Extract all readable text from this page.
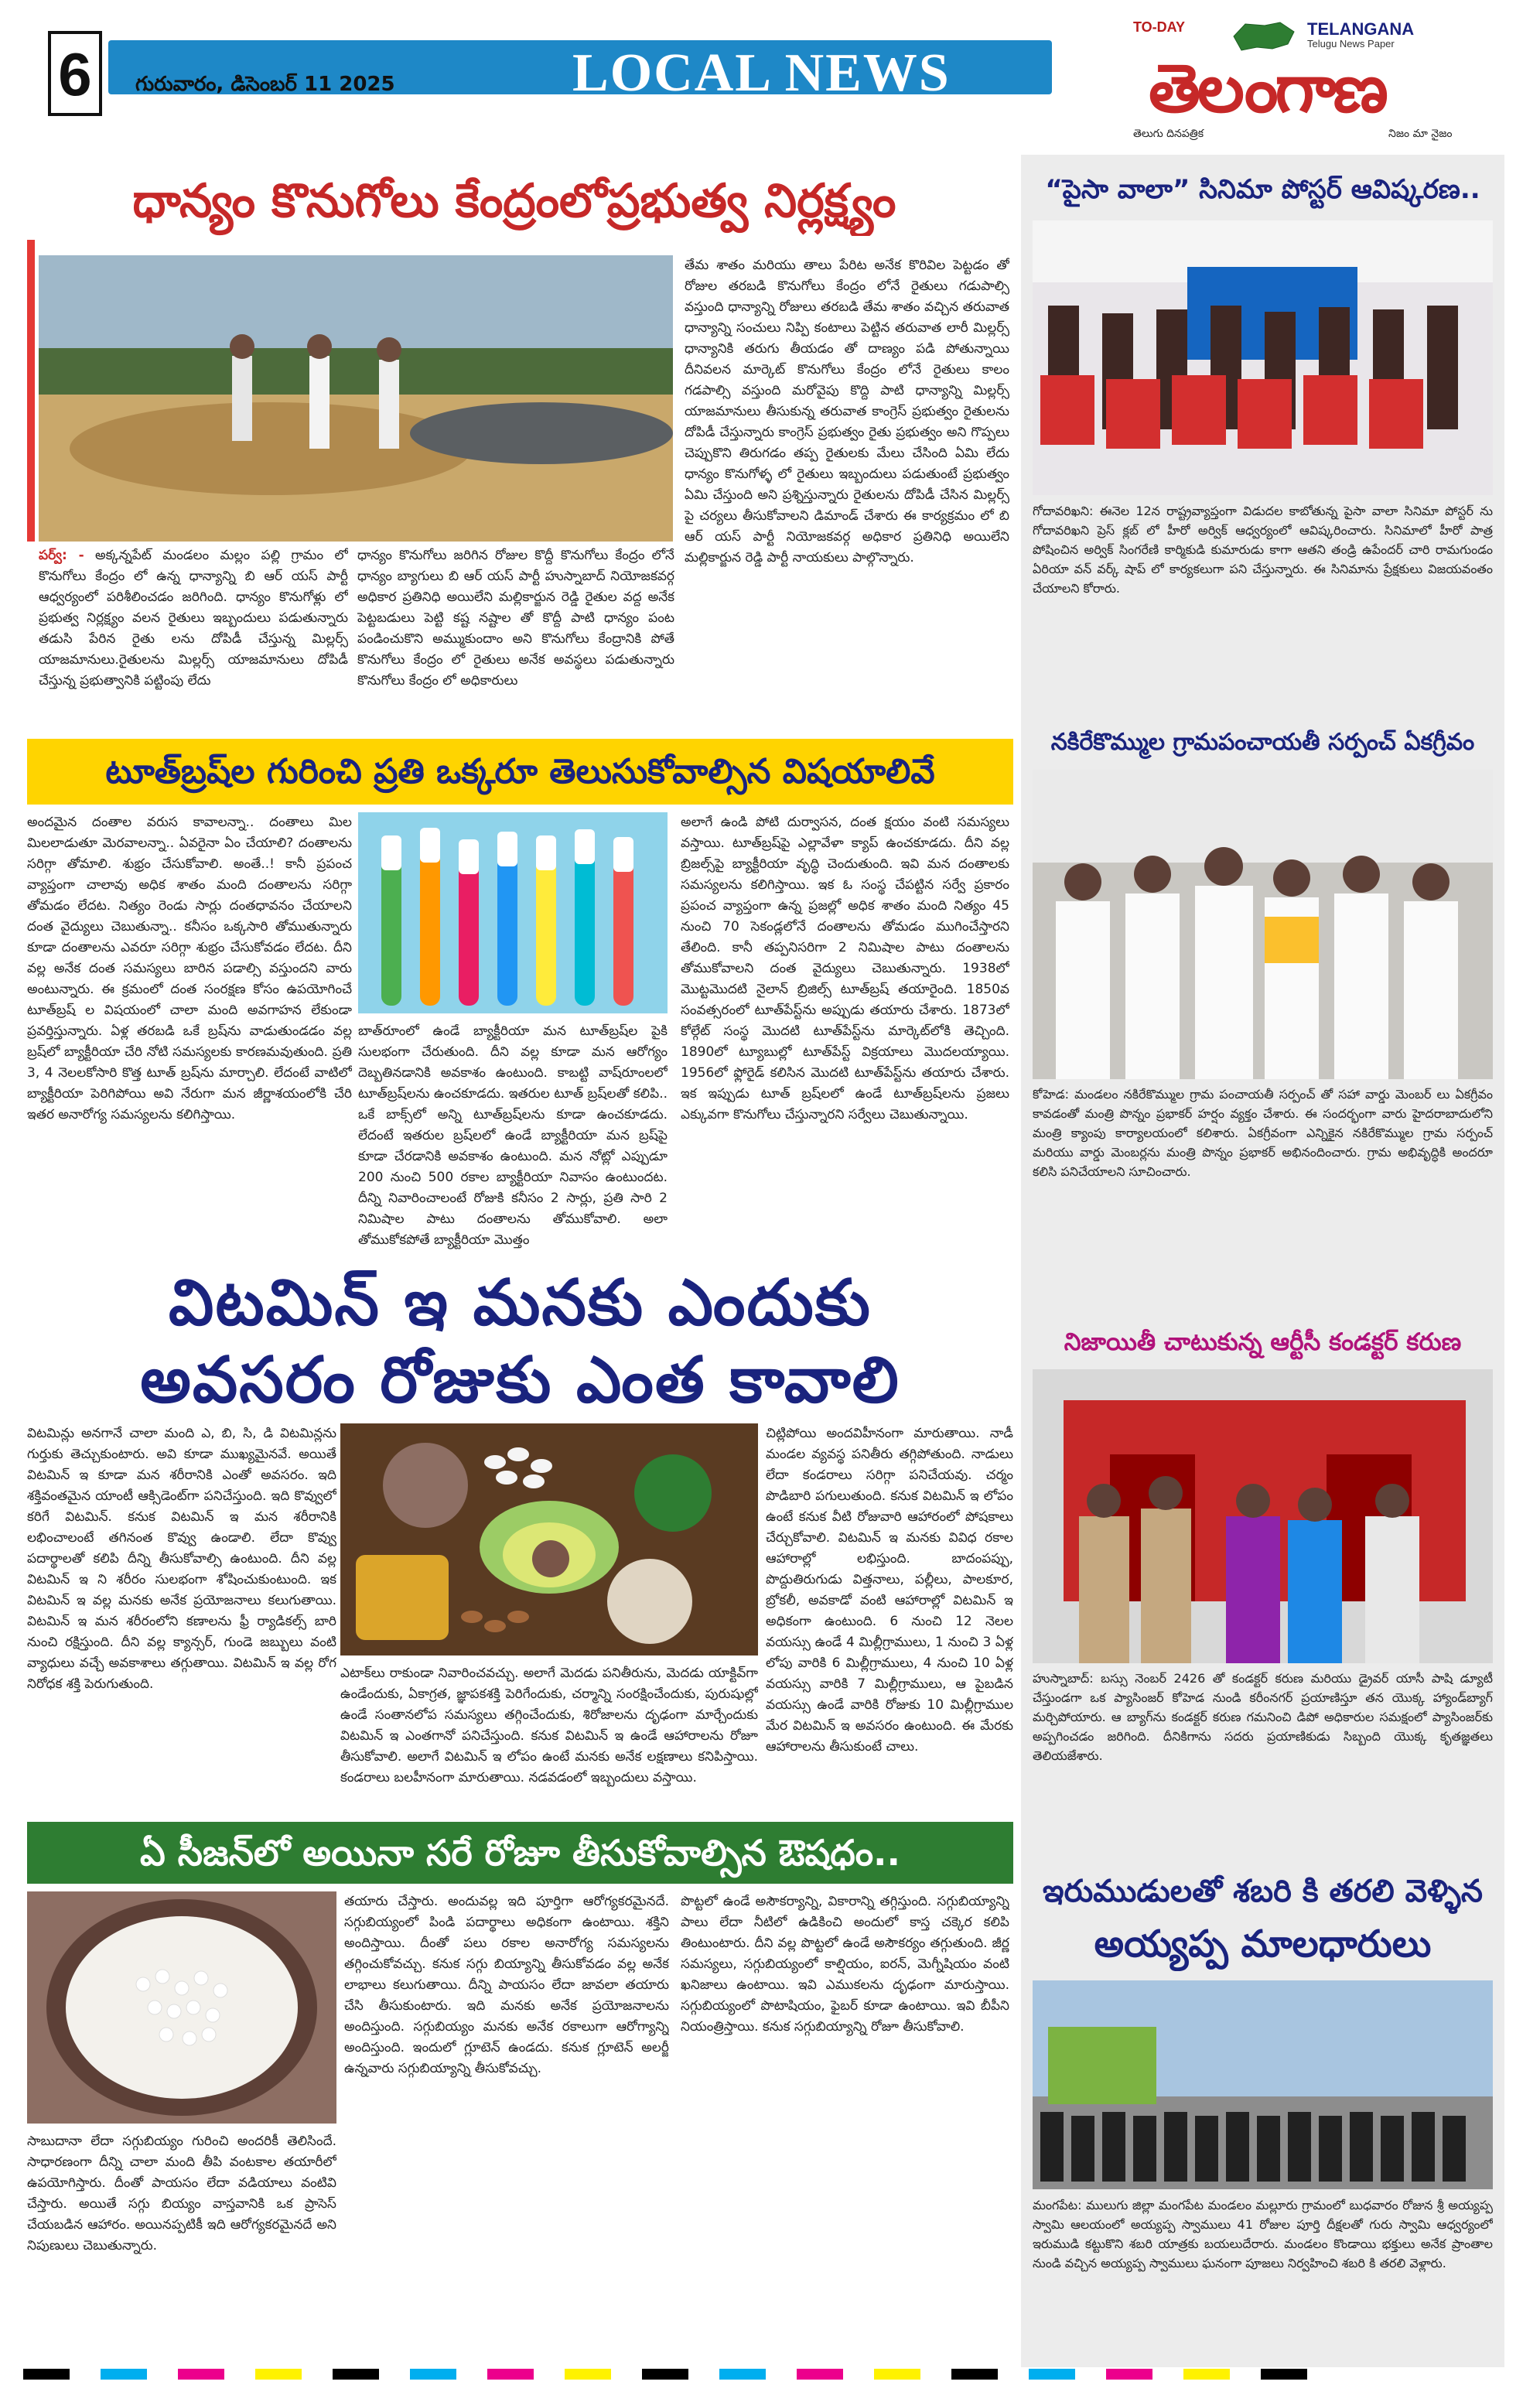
6	గురువారం, డిసెంబర్ 11 2025	LOCAL NEWS
TO-DAY	TELANGANA
Telugu News Paper
తెలంగాణ
తెలుగు దినపత్రిక	నిజం మా నైజం
ధాన్యం కొనుగోలు కేంద్రంలోప్రభుత్వ నిర్లక్ష్యం
పర్వ్: - అక్కన్నపేట్ మండలం మల్లం పల్లి గ్రామం లో కొనుగోలు కేంద్రం లో ఉన్న ధాన్యాన్ని బి ఆర్ యస్ పార్టీ ఆధ్వర్యంలో పరిశీలించడం జరిగింది. ధాన్యం కొనుగోళ్లు లో ప్రభుత్వ నిర్లక్ష్యం వలన రైతులు ఇబ్బందులు పడుతున్నారు తడుసి పేరిన రైతు లను దోపిడీ చేస్తున్న మిల్లర్స్ యాజమానులు.రైతులను మిల్లర్స్ యాజమానులు దోపిడీ చేస్తున్న ప్రభుత్వానికి పట్టింపు లేదు
ధాన్యం కొనుగోలు జరిగిన రోజుల కొద్దీ కొనుగోలు కేంద్రం లోనే ధాన్యం బ్యాగులు బి ఆర్ యస్ పార్టీ హుస్నాబాద్ నియోజకవర్గ అధికార ప్రతినిధి అయిలేని మల్లికార్జున రెడ్డి రైతుల వద్ద అనేక పెట్టబడులు పెట్టి కష్ట నష్టాల తో కొద్దీ పాటి ధాన్యం పంట పండించుకొని అమ్ముకుందాం అని కొనుగోలు కేంద్రానికి పోతే కొనుగోలు కేంద్రం లో రైతులు అనేక అవస్థలు పడుతున్నారు కొనుగోలు కేంద్రం లో అధికారులు
తేమ శాతం మరియు తాలు పేరిట అనేక కొరివిల పెట్టడం తో రోజుల తరబడి కొనుగోలు కేంద్రం లోనే రైతులు గడుపాల్సి వస్తుంది ధాన్యాన్ని రోజులు తరబడి తేమ శాతం వచ్చిన తరువాత ధాన్యాన్ని సంచులు నిప్పి కంటాలు పెట్టిన తరువాత లారీ మిల్లర్స్ ధాన్యానికి తరుగు తీయడం తో దాణ్యం పడి పోతున్నాయి దీనివలన మార్కెట్ కొనుగోలు కేంద్రం లోనే రైతులు కాలం గడపాల్సి వస్తుంది మరోవైపు కొద్ది పాటి ధాన్యాన్ని మిల్లర్స్ యాజమానులు తీసుకున్న తరువాత కాంగ్రెస్ ప్రభుత్వం రైతులను దోపిడీ చేస్తున్నారు కాంగ్రెస్ ప్రభుత్వం రైతు ప్రభుత్వం అని గొప్పలు చెప్పుకొని తిరుగడం తప్ప రైతులకు మేలు చేసింది ఏమి లేదు ధాన్యం కొనుగోళ్ళ లో రైతులు ఇబ్బందులు పడుతుంటే ప్రభుత్వం ఏమి చేస్తుంది అని ప్రశ్నిస్తున్నారు రైతులను దోపిడీ చేసిన మిల్లర్స్ పై చర్యలు తీసుకోవాలని డిమాండ్ చేశారు ఈ కార్యక్రమం లో బి ఆర్ యస్ పార్టీ నియోజకవర్గ అధికార ప్రతినిధి అయిలేని మల్లికార్జున రెడ్డి పార్టీ నాయకులు పాల్గొన్నారు.
టూత్‌బ్రష్‌ల గురించి ప్రతి ఒక్కరూ తెలుసుకోవాల్సిన విషయాలివే
అందమైన దంతాల వరుస కావాలన్నా.. దంతాలు మిల మిలలాడుతూ మెరవాలన్నా.. ఏవరైనా ఏం చేయాలి? దంతాలను సరిగ్గా తోమాలి. శుభ్రం చేసుకోవాలి. అంతే..! కానీ ప్రపంచ వ్యాప్తంగా చాలావు అధిక శాతం మంది దంతాలను సరిగ్గా తోమడం లేదట. నిత్యం రెండు సార్లు దంతధావనం చేయాలని దంత వైద్యులు చెబుతున్నా.. కనీసం ఒక్కసారి తోముతున్నారు కూడా దంతాలను ఎవరూ సరిగ్గా శుభ్రం చేసుకోవడం లేదట. దీని వల్ల అనేక దంత సమస్యలు బారిన పడాల్సి వస్తుందని వారు అంటున్నారు. ఈ క్రమంలో దంత సంరక్షణ కోసం ఉపయోగించే టూత్‌బ్రష్ ల విషయంలో చాలా మంది అవగాహన లేకుండా ప్రవర్తిస్తున్నారు. ఏళ్ల తరబడి ఒకే బ్రష్‌ను వాడుతుండడం వల్ల బ్రష్‌లో బ్యాక్టీరియా చేరి నోటి సమస్యలకు కారణమవుతుంది. ప్రతి 3, 4 నెలలకోసారి కొత్త టూత్ బ్రష్‌ను మార్చాలి. లేదంటే వాటిలో బ్యాక్టీరియా పెరిగిపోయి అవి నేరుగా మన జీర్ణాశయంలోకి చేరి ఇతర అనారోగ్య సమస్యలను కలిగిస్తాయి.
బాత్‌రూంలో ఉండే బ్యాక్టీరియా మన టూత్‌బ్రష్‌ల పైకి సులభంగా చేరుతుంది. దీని వల్ల కూడా మన ఆరోగ్యం దెబ్బతినడానికి అవకాశం ఉంటుంది. కాబట్టి వాష్‌రూంలలో టూత్‌బ్రష్‌లను ఉంచకూడదు. ఇతరుల టూత్ బ్రష్‌లతో కలిపి.. ఒకే బాక్స్‌లో అన్ని టూత్‌బ్రష్‌లను కూడా ఉంచకూడదు. లేదంటే ఇతరుల బ్రష్‌లలో ఉండే బ్యాక్టీరియా మన బ్రష్‌పై కూడా చేరడానికి అవకాశం ఉంటుంది. మన నోట్లో ఎప్పుడూ 200 నుంచి 500 రకాల బ్యాక్టీరియా నివాసం ఉంటుందట. దీన్ని నివారించాలంటే రోజుకి కనీసం 2 సార్లు, ప్రతి సారి 2 నిమిషాల పాటు దంతాలను తోముకోవాలి. అలా తోముకోకపోతే బ్యాక్టీరియా మొత్తం
అలాగే ఉండి పోటి దుర్వాసన, దంత క్షయం వంటి సమస్యలు వస్తాయి. టూత్‌బ్రష్‌పై ఎల్లావేళా క్యాప్ ఉంచకూడదు. దీని వల్ల బ్రిజల్స్‌పై బ్యాక్టీరియా వృద్ధి చెందుతుంది. ఇవి మన దంతాలకు సమస్యలను కలిగిస్తాయి. ఇక ఓ సంస్థ చేపట్టిన సర్వే ప్రకారం ప్రపంచ వ్యాప్తంగా ఉన్న ప్రజల్లో అధిక శాతం మంది నిత్యం 45 నుంచి 70 సెకండ్లలోనే దంతాలను తోమడం ముగించేస్తారని తేలింది. కానీ తప్పనిసరిగా 2 నిమిషాల పాటు దంతాలను తోముకోవాలని దంత వైద్యులు చెబుతున్నారు. 1938లో మొట్టమొదటి నైలాన్ బ్రిజిల్స్ టూత్‌బ్రష్ తయారైంది. 1850వ సంవత్సరంలో టూత్‌పేస్ట్‌ను అప్పుడు తయారు చేశారు. 1873లో కోల్గేట్ సంస్థ మొదటి టూత్‌పేస్ట్‌ను మార్కెట్‌లోకి తెచ్చింది. 1890లో ట్యూబుల్లో టూత్‌పేస్ట్ విక్రయాలు మొదలయ్యాయి. 1956లో ఫ్లోరైడ్ కలిసిన మొదటి టూత్‌పేస్ట్‌ను తయారు చేశారు. ఇక ఇప్పుడు టూత్ బ్రష్‌లలో ఉండే టూత్‌బ్రష్‌లను ప్రజలు ఎక్కువగా కొనుగోలు చేస్తున్నారని సర్వేలు చెబుతున్నాయి.
విటమిన్ ఇ మనకు ఎందుకు
అవసరం రోజుకు ఎంత కావాలి
విటమిన్లు అనగానే చాలా మంది ఎ, బి, సి, డి విటమిన్లను గుర్తుకు తెచ్చుకుంటారు. అవి కూడా ముఖ్యమైనవే. అయితే విటమిన్ ఇ కూడా మన శరీరానికి ఎంతో అవసరం. ఇది శక్తివంతమైన యాంటీ ఆక్సిడెంట్‌గా పనిచేస్తుంది. ఇది కొవ్వులో కరిగే విటమిన్. కనుక విటమిన్ ఇ మన శరీరానికి లభించాలంటే తగినంత కొవ్వు ఉండాలి. లేదా కొవ్వు పదార్థాలతో కలిపి దీన్ని తీసుకోవాల్సి ఉంటుంది. దీని వల్ల విటమిన్ ఇ ని శరీరం సులభంగా శోషించుకుంటుంది. ఇక విటమిన్ ఇ వల్ల మనకు అనేక ప్రయోజనాలు కలుగుతాయి. విటమిన్ ఇ మన శరీరంలోని కణాలను ఫ్రీ ర్యాడికల్స్ బారి నుంచి రక్షిస్తుంది. దీని వల్ల క్యాన్సర్, గుండె జబ్బులు వంటి వ్యాధులు వచ్చే అవకాశాలు తగ్గుతాయి. విటమిన్ ఇ వల్ల రోగ నిరోధక శక్తి పెరుగుతుంది.
ఎటాక్‌లు రాకుండా నివారించవచ్చు. అలాగే మెదడు పనితీరును, మెదడు యాక్టివ్‌గా ఉండేందుకు, ఏకాగ్రత, జ్ఞాపకశక్తి పెరిగేందుకు, చర్మాన్ని సంరక్షించేందుకు, పురుషుల్లో ఉండే సంతానలోప సమస్యలు తగ్గించేందుకు, శిరోజాలను దృఢంగా మార్చేందుకు విటమిన్ ఇ ఎంతగానో పనిచేస్తుంది. కనుక విటమిన్ ఇ ఉండే ఆహారాలను రోజూ తీసుకోవాలి. అలాగే విటమిన్ ఇ లోపం ఉంటే మనకు అనేక లక్షణాలు కనిపిస్తాయి. కండరాలు బలహీనంగా మారుతాయి. నడవడంలో ఇబ్బందులు వస్తాయి.
చిట్లిపోయి అందవిహీనంగా మారుతాయి. నాడీ మండల వ్యవస్థ పనితీరు తగ్గిపోతుంది. నాడులు లేదా కండరాలు సరిగ్గా పనిచేయవు. చర్మం పొడిబారి పగులుతుంది. కనుక విటమిన్ ఇ లోపం ఉంటే కనుక వీటి రోజువారి ఆహారంలో పోషకాలు చేర్చుకోవాలి. విటమిన్ ఇ మనకు వివిధ రకాల ఆహారాల్లో లభిస్తుంది. బాదంపప్పు, పొద్దుతిరుగుడు విత్తనాలు, పల్లీలు, పాలకూర, బ్రోకలీ, అవకాడో వంటి ఆహారాల్లో విటమిన్ ఇ అధికంగా ఉంటుంది. 6 నుంచి 12 నెలల వయస్సు ఉండే 4 మిల్లీగ్రాములు, 1 నుంచి 3 ఏళ్ల లోపు వారికి 6 మిల్లీగ్రాములు, 4 నుంచి 10 ఏళ్ల వయస్సు వారికి 7 మిల్లీగ్రాములు, ఆ పైబడిన వయస్సు ఉండే వారికి రోజుకు 10 మిల్లీగ్రాముల మేర విటమిన్ ఇ అవసరం ఉంటుంది. ఈ మేరకు ఆహారాలను తీసుకుంటే చాలు.
ఏ సీజన్‌లో అయినా సరే రోజూ తీసుకోవాల్సిన ఔషధం..
సాబుదానా లేదా సగ్గుబియ్యం గురించి అందరికీ తెలిసిందే. సాధారణంగా దీన్ని చాలా మంది తీపి వంటకాల తయారీలో ఉపయోగిస్తారు. దీంతో పాయసం లేదా వడియాలు వంటివి చేస్తారు. అయితే సగ్గు బియ్యం వాస్తవానికి ఒక ప్రాసెస్ చేయబడిన ఆహారం. అయినప్పటికీ ఇది ఆరోగ్యకరమైనదే అని నిపుణులు చెబుతున్నారు.
తయారు చేస్తారు. అందువల్ల ఇది పూర్తిగా ఆరోగ్యకరమైనదే. సగ్గుబియ్యంలో పిండి పదార్థాలు అధికంగా ఉంటాయి. శక్తిని అందిస్తాయి. దీంతో పలు రకాల అనారోగ్య సమస్యలను తగ్గించుకోవచ్చు. కనుక సగ్గు బియ్యాన్ని తీసుకోవడం వల్ల అనేక లాభాలు కలుగుతాయి. దీన్ని పాయసం లేదా జావలా తయారు చేసి తీసుకుంటారు. ఇది మనకు అనేక ప్రయోజనాలను అందిస్తుంది. సగ్గుబియ్యం మనకు అనేక రకాలుగా ఆరోగ్యాన్ని అందిస్తుంది. ఇందులో గ్లూటెన్ ఉండదు. కనుక గ్లూటెన్ అలర్జీ ఉన్నవారు సగ్గుబియ్యాన్ని తీసుకోవచ్చు.
పొట్టలో ఉండే అసౌకర్యాన్ని, వికారాన్ని తగ్గిస్తుంది. సగ్గుబియ్యాన్ని పాలు లేదా నీటిలో ఉడికించి అందులో కాస్త చక్కెర కలిపి తింటుంటారు. దీని వల్ల పొట్టలో ఉండే అసౌకర్యం తగ్గుతుంది. జీర్ణ సమస్యలు, సగ్గుబియ్యంలో కాల్షియం, ఐరన్, మెగ్నీషియం వంటి ఖనిజాలు ఉంటాయి. ఇవి ఎముకలను దృఢంగా మారుస్తాయి. సగ్గుబియ్యంలో పొటాషియం, ఫైబర్ కూడా ఉంటాయి. ఇవి బీపీని నియంత్రిస్తాయి. కనుక సగ్గుబియ్యాన్ని రోజూ తీసుకోవాలి.
“పైసా వాలా” సినిమా పోస్టర్ ఆవిష్కరణ..
గోదావరిఖని: ఈనెల 12న రాష్ట్రవ్యాప్తంగా విడుదల కాబోతున్న పైసా వాలా సినిమా పోస్టర్ ను గోదావరిఖని ప్రెస్ క్లబ్ లో హీరో అర్విక్ ఆధ్వర్యంలో ఆవిష్కరించారు. సినిమాలో హీరో పాత్ర పోషించిన అర్విక్ సింగరేణి కార్మికుడి కుమారుడు కాగా ఆతని తండ్రి ఉపేందర్ చారి రామగుండం ఏరియా వన్ వర్క్ షాప్ లో కార్యకలుగా పని చేస్తున్నారు. ఈ సినిమాను ప్రేక్షకులు విజయవంతం చేయాలని కోరారు.
నకిరేకొమ్ముల గ్రామపంచాయతీ సర్పంచ్ ఏకగ్రీవం
కోహెడ: మండలం నకిరేకొమ్ముల గ్రామ పంచాయతీ సర్పంచ్ తో సహా వార్డు మెంబర్ లు ఏకగ్రీవం కావడంతో మంత్రి పొన్నం ప్రభాకర్ హర్షం వ్యక్తం చేశారు. ఈ సందర్భంగా వారు హైదరాబాదులోని మంత్రి క్యాంపు కార్యాలయంలో కలిశారు. ఏకగ్రీవంగా ఎన్నికైన నకిరేకొమ్ముల గ్రామ సర్పంచ్ మరియు వార్డు మెంబర్లను మంత్రి పొన్నం ప్రభాకర్ అభినందించారు. గ్రామ అభివృద్ధికి అందరూ కలిసి పనిచేయాలని సూచించారు.
నిజాయితీ చాటుకున్న ఆర్టీసీ కండక్టర్ కరుణ
హుస్నాబాద్: బస్సు నెంబర్ 2426 తో కండక్టర్ కరుణ మరియు డ్రైవర్ యాసీ పాషి డ్యూటీ చేస్తుండగా ఒక ప్యాసింజర్ కోహెడ నుండి కరీంనగర్ ప్రయాణిస్తూ తన యొక్క హ్యాండ్‌బ్యాగ్ మర్చిపోయారు. ఆ బ్యాగ్‌ను కండక్టర్ కరుణ గమనించి డిపో అధికారుల సమక్షంలో ప్యాసింజర్‌కు అప్పగించడం జరిగింది. దీనికిగాను సదరు ప్రయాణికుడు సిబ్బంది యొక్క కృతజ్ఞతలు తెలియజేశారు.
ఇరుముడులతో శబరి కి తరలి వెళ్ళిన
అయ్యప్ప మాలధారులు
మంగపేట: ములుగు జిల్లా మంగపేట మండలం మల్లూరు గ్రామంలో బుధవారం రోజున శ్రీ అయ్యప్ప స్వామి ఆలయంలో అయ్యప్ప స్వాములు 41 రోజుల పూర్తి దీక్షలతో గురు స్వామి ఆధ్వర్యంలో ఇరుముడి కట్టుకొని శబరి యాత్రకు బయలుదేరారు. మండలం కొండాయి భక్తులు అనేక ప్రాంతాల నుండి వచ్చిన అయ్యప్ప స్వాములు ఘనంగా పూజలు నిర్వహించి శబరి కి తరలి వెళ్లారు.
